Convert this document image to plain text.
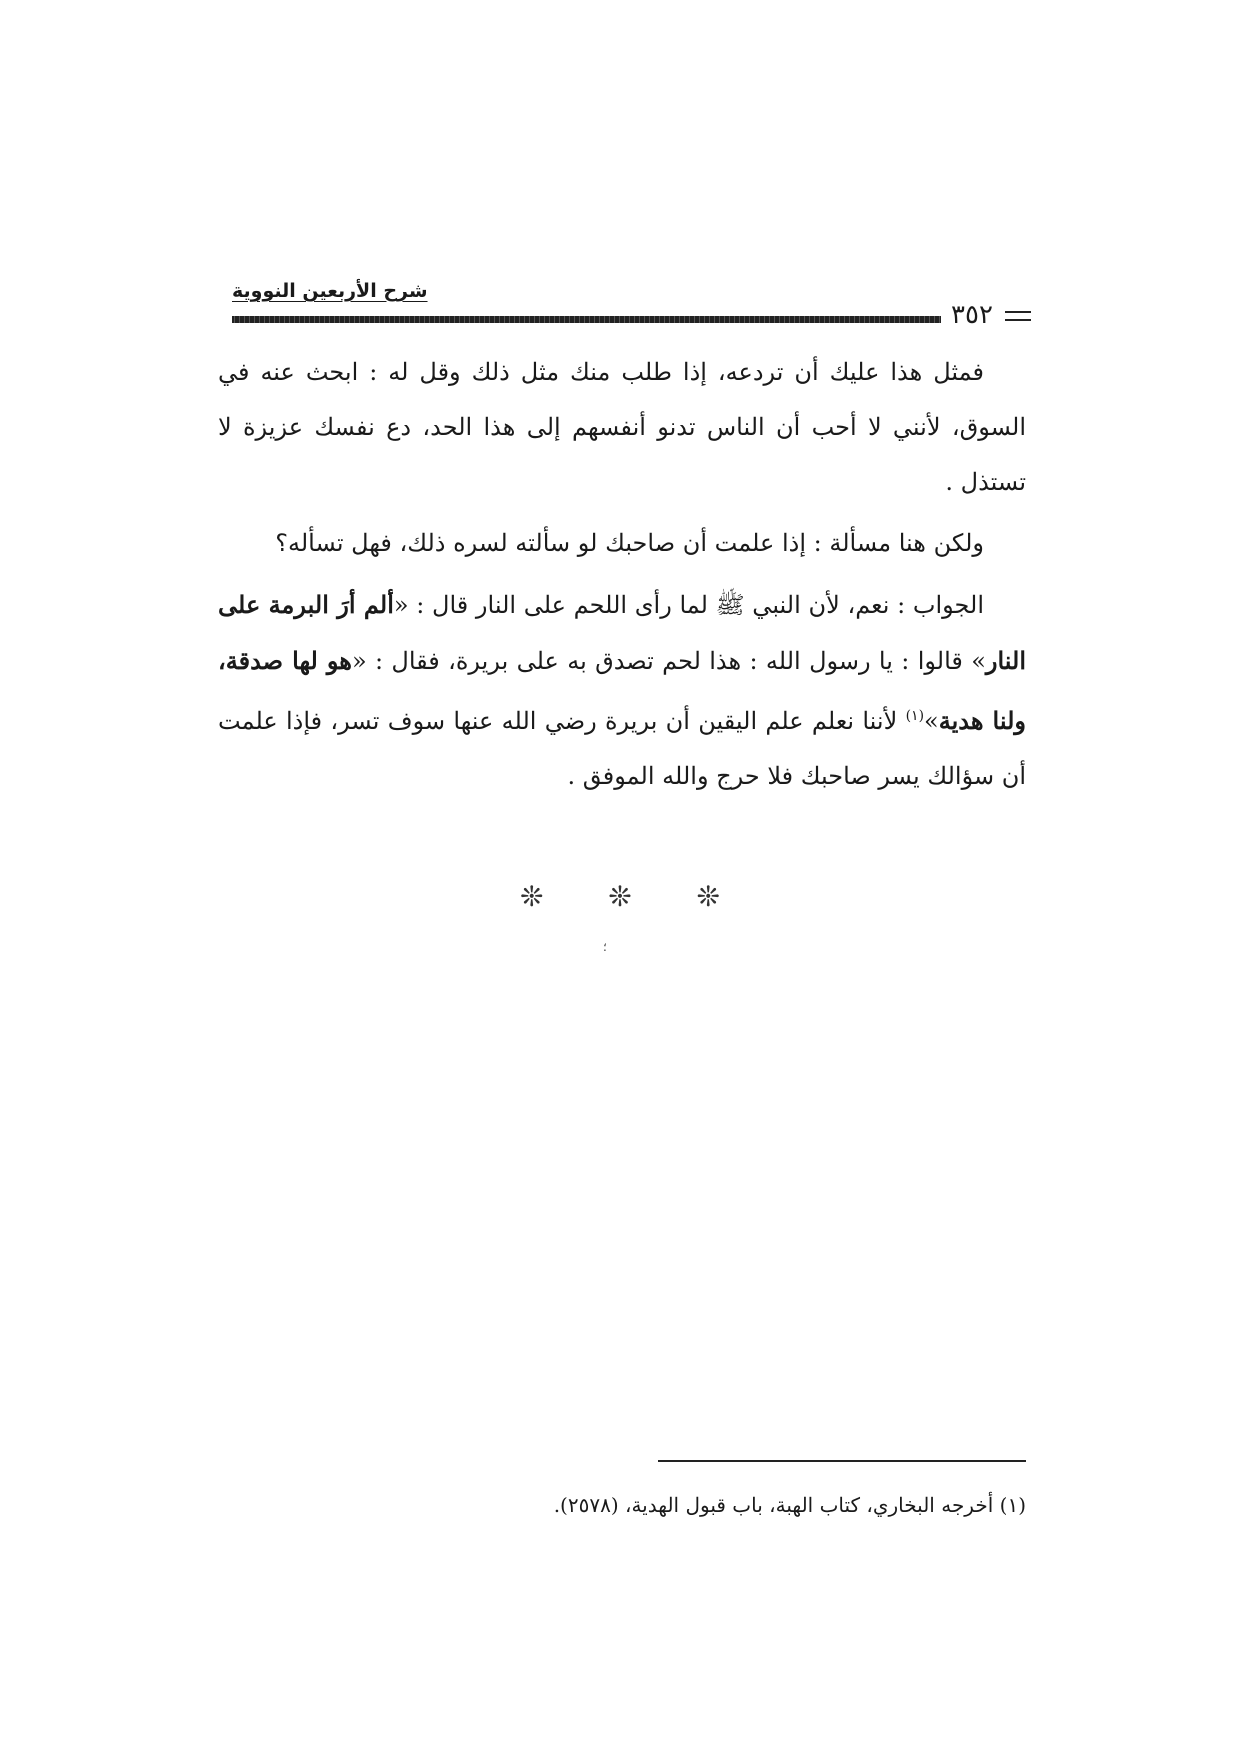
شرح الأربعين النووية
٣٥٢

فمثل هذا عليك أن تردعه، إذا طلب منك مثل ذلك وقل له : ابحث عنه في السوق، لأنني لا أحب أن الناس تدنو أنفسهم إلى هذا الحد، دع نفسك عزيزة لا تستذل .

ولكن هنا مسألة : إذا علمت أن صاحبك لو سألته لسره ذلك، فهل تسأله؟

الجواب : نعم، لأن النبي ﷺ لما رأى اللحم على النار قال : «ألم أرَ البرمة على النار» قالوا : يا رسول الله : هذا لحم تصدق به على بريرة، فقال : «هو لها صدقة، ولنا هدية»$^{(١)}$ لأننا نعلم علم اليقين أن بريرة رضي الله عنها سوف تسر، فإذا علمت أن سؤالك يسر صاحبك فلا حرج والله الموفق .

❊ ❊ ❊
؛
(١) أخرجه البخاري، كتاب الهبة، باب قبول الهدية، (٢٥٧٨).
